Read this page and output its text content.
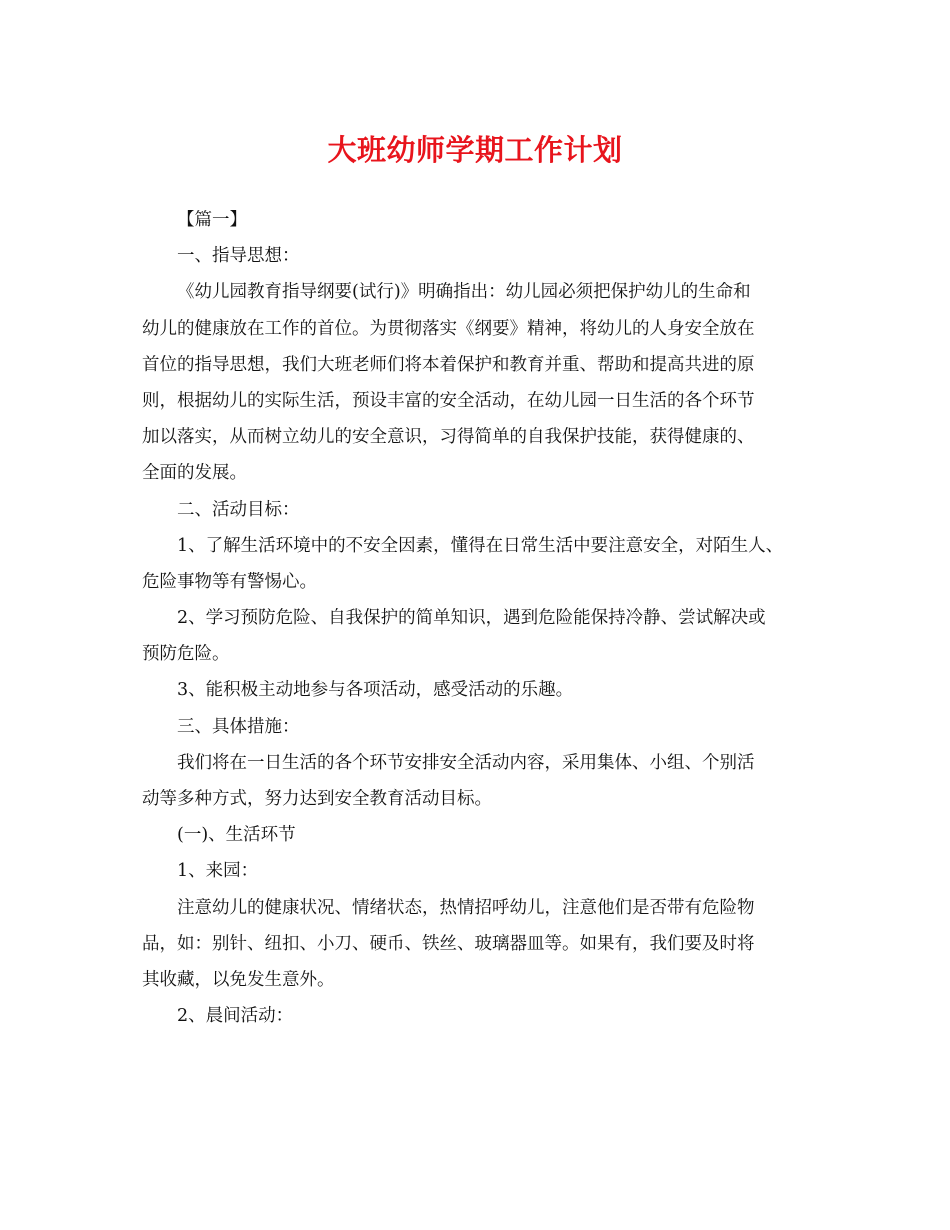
大班幼师学期工作计划

【篇一】

一、指导思想：

《幼儿园教育指导纲要(试行)》明确指出：幼儿园必须把保护幼儿的生命和

幼儿的健康放在工作的首位。为贯彻落实《纲要》精神，将幼儿的人身安全放在

首位的指导思想，我们大班老师们将本着保护和教育并重、帮助和提高共进的原

则，根据幼儿的实际生活，预设丰富的安全活动，在幼儿园一日生活的各个环节

加以落实，从而树立幼儿的安全意识，习得简单的自我保护技能，获得健康的、

全面的发展。

二、活动目标：

1、了解生活环境中的不安全因素，懂得在日常生活中要注意安全，对陌生人、

危险事物等有警惕心。

2、学习预防危险、自我保护的简单知识，遇到危险能保持冷静、尝试解决或

预防危险。

3、能积极主动地参与各项活动，感受活动的乐趣。

三、具体措施：

我们将在一日生活的各个环节安排安全活动内容，采用集体、小组、个别活

动等多种方式，努力达到安全教育活动目标。

(一)、生活环节

1、来园：

注意幼儿的健康状况、情绪状态，热情招呼幼儿，注意他们是否带有危险物

品，如：别针、纽扣、小刀、硬币、铁丝、玻璃器皿等。如果有，我们要及时将

其收藏，以免发生意外。

2、晨间活动：
